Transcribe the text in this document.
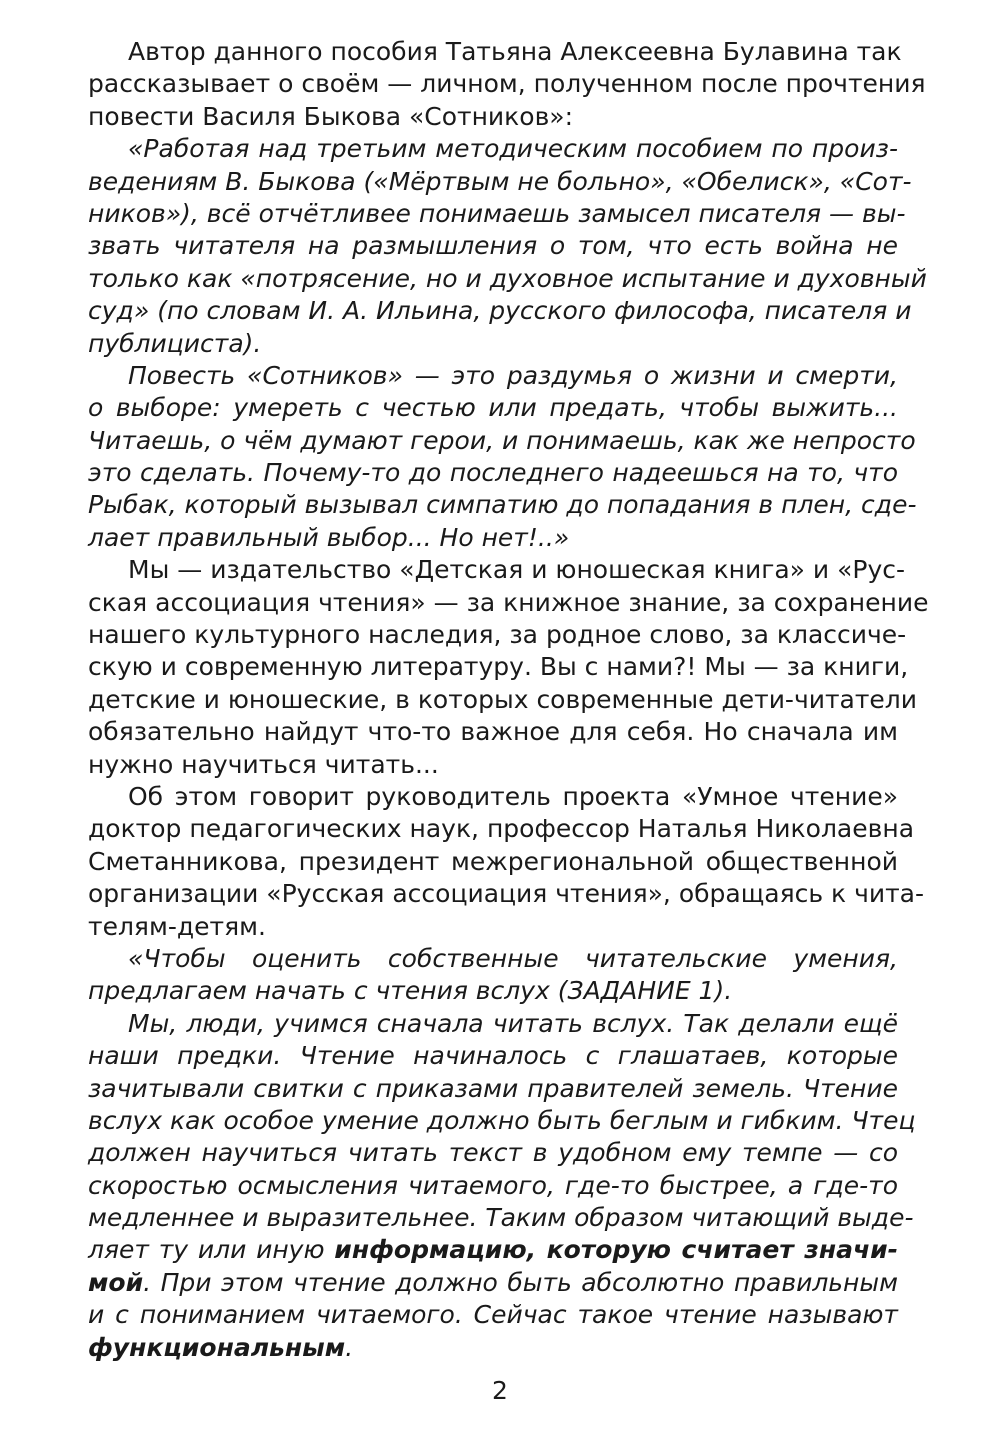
Автор данного пособия Татьяна Алексеевна Булавина так
рассказывает о своём — личном, полученном после прочтения
повести Василя Быкова «Сотников»:
«Работая над третьим методическим пособием по произ-
ведениям В. Быкова («Мёртвым не больно», «Обелиск», «Сот-
ников»), всё отчётливее понимаешь замысел писателя — вы-
звать читателя на размышления о том, что есть война не
только как «потрясение, но и духовное испытание и духовный
суд» (по словам И. А. Ильина, русского философа, писателя и
публициста).
Повесть «Сотников» — это раздумья о жизни и смерти,
о выборе: умереть с честью или предать, чтобы выжить...
Читаешь, о чём думают герои, и понимаешь, как же непросто
это сделать. Почему-то до последнего надеешься на то, что
Рыбак, который вызывал симпатию до попадания в плен, сде-
лает правильный выбор... Но нет!..»
Мы — издательство «Детская и юношеская книга» и «Рус-
ская ассоциация чтения» — за книжное знание, за сохранение
нашего культурного наследия, за родное слово, за классиче-
скую и современную литературу. Вы с нами?! Мы — за книги,
детские и юношеские, в которых современные дети-читатели
обязательно найдут что-то важное для себя. Но сначала им
нужно научиться читать...
Об этом говорит руководитель проекта «Умное чтение»
доктор педагогических наук, профессор Наталья Николаевна
Сметанникова, президент межрегиональной общественной
организации «Русская ассоциация чтения», обращаясь к чита-
телям-детям.
«Чтобы оценить собственные читательские умения,
предлагаем начать с чтения вслух (ЗАДАНИЕ 1).
Мы, люди, учимся сначала читать вслух. Так делали ещё
наши предки. Чтение начиналось с глашатаев, которые
зачитывали свитки с приказами правителей земель. Чтение
вслух как особое умение должно быть беглым и гибким. Чтец
должен научиться читать текст в удобном ему темпе — со
скоростью осмысления читаемого, где-то быстрее, а где-то
медленнее и выразительнее. Таким образом читающий выде-
ляет ту или иную информацию, которую считает значи-
мой. При этом чтение должно быть абсолютно правильным
и с пониманием читаемого. Сейчас такое чтение называют
функциональным.
2
